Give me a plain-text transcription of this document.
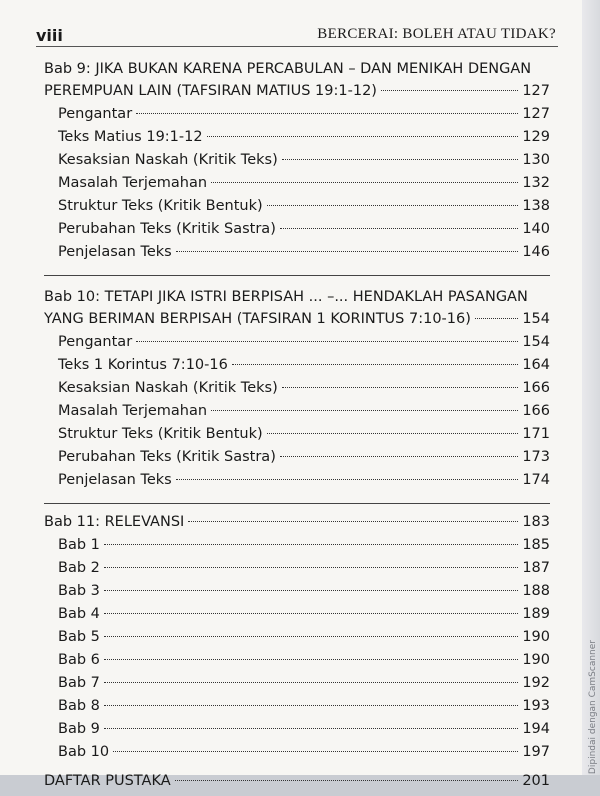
viii	BERCERAI: BOLEH ATAU TIDAK?
Bab 9: JIKA BUKAN KARENA PERCABULAN – DAN MENIKAH DENGAN
PEREMPUAN LAIN (TAFSIRAN MATIUS 19:1-12)	127
Pengantar	127
Teks Matius 19:1-12	129
Kesaksian Naskah (Kritik Teks)	130
Masalah Terjemahan	132
Struktur Teks (Kritik Bentuk)	138
Perubahan Teks (Kritik Sastra)	140
Penjelasan Teks	146
Bab 10: TETAPI JIKA ISTRI BERPISAH ... –... HENDAKLAH PASANGAN
YANG BERIMAN BERPISAH (TAFSIRAN 1 KORINTUS 7:10-16)	154
Pengantar	154
Teks 1 Korintus 7:10-16	164
Kesaksian Naskah (Kritik Teks)	166
Masalah Terjemahan	166
Struktur Teks (Kritik Bentuk)	171
Perubahan Teks (Kritik Sastra)	173
Penjelasan Teks	174
Bab 11: RELEVANSI	183
Bab 1	185
Bab 2	187
Bab 3	188
Bab 4	189
Bab 5	190
Bab 6	190
Bab 7	192
Bab 8	193
Bab 9	194
Bab 10	197
DAFTAR PUSTAKA	201
Dipindai dengan CamScanner
